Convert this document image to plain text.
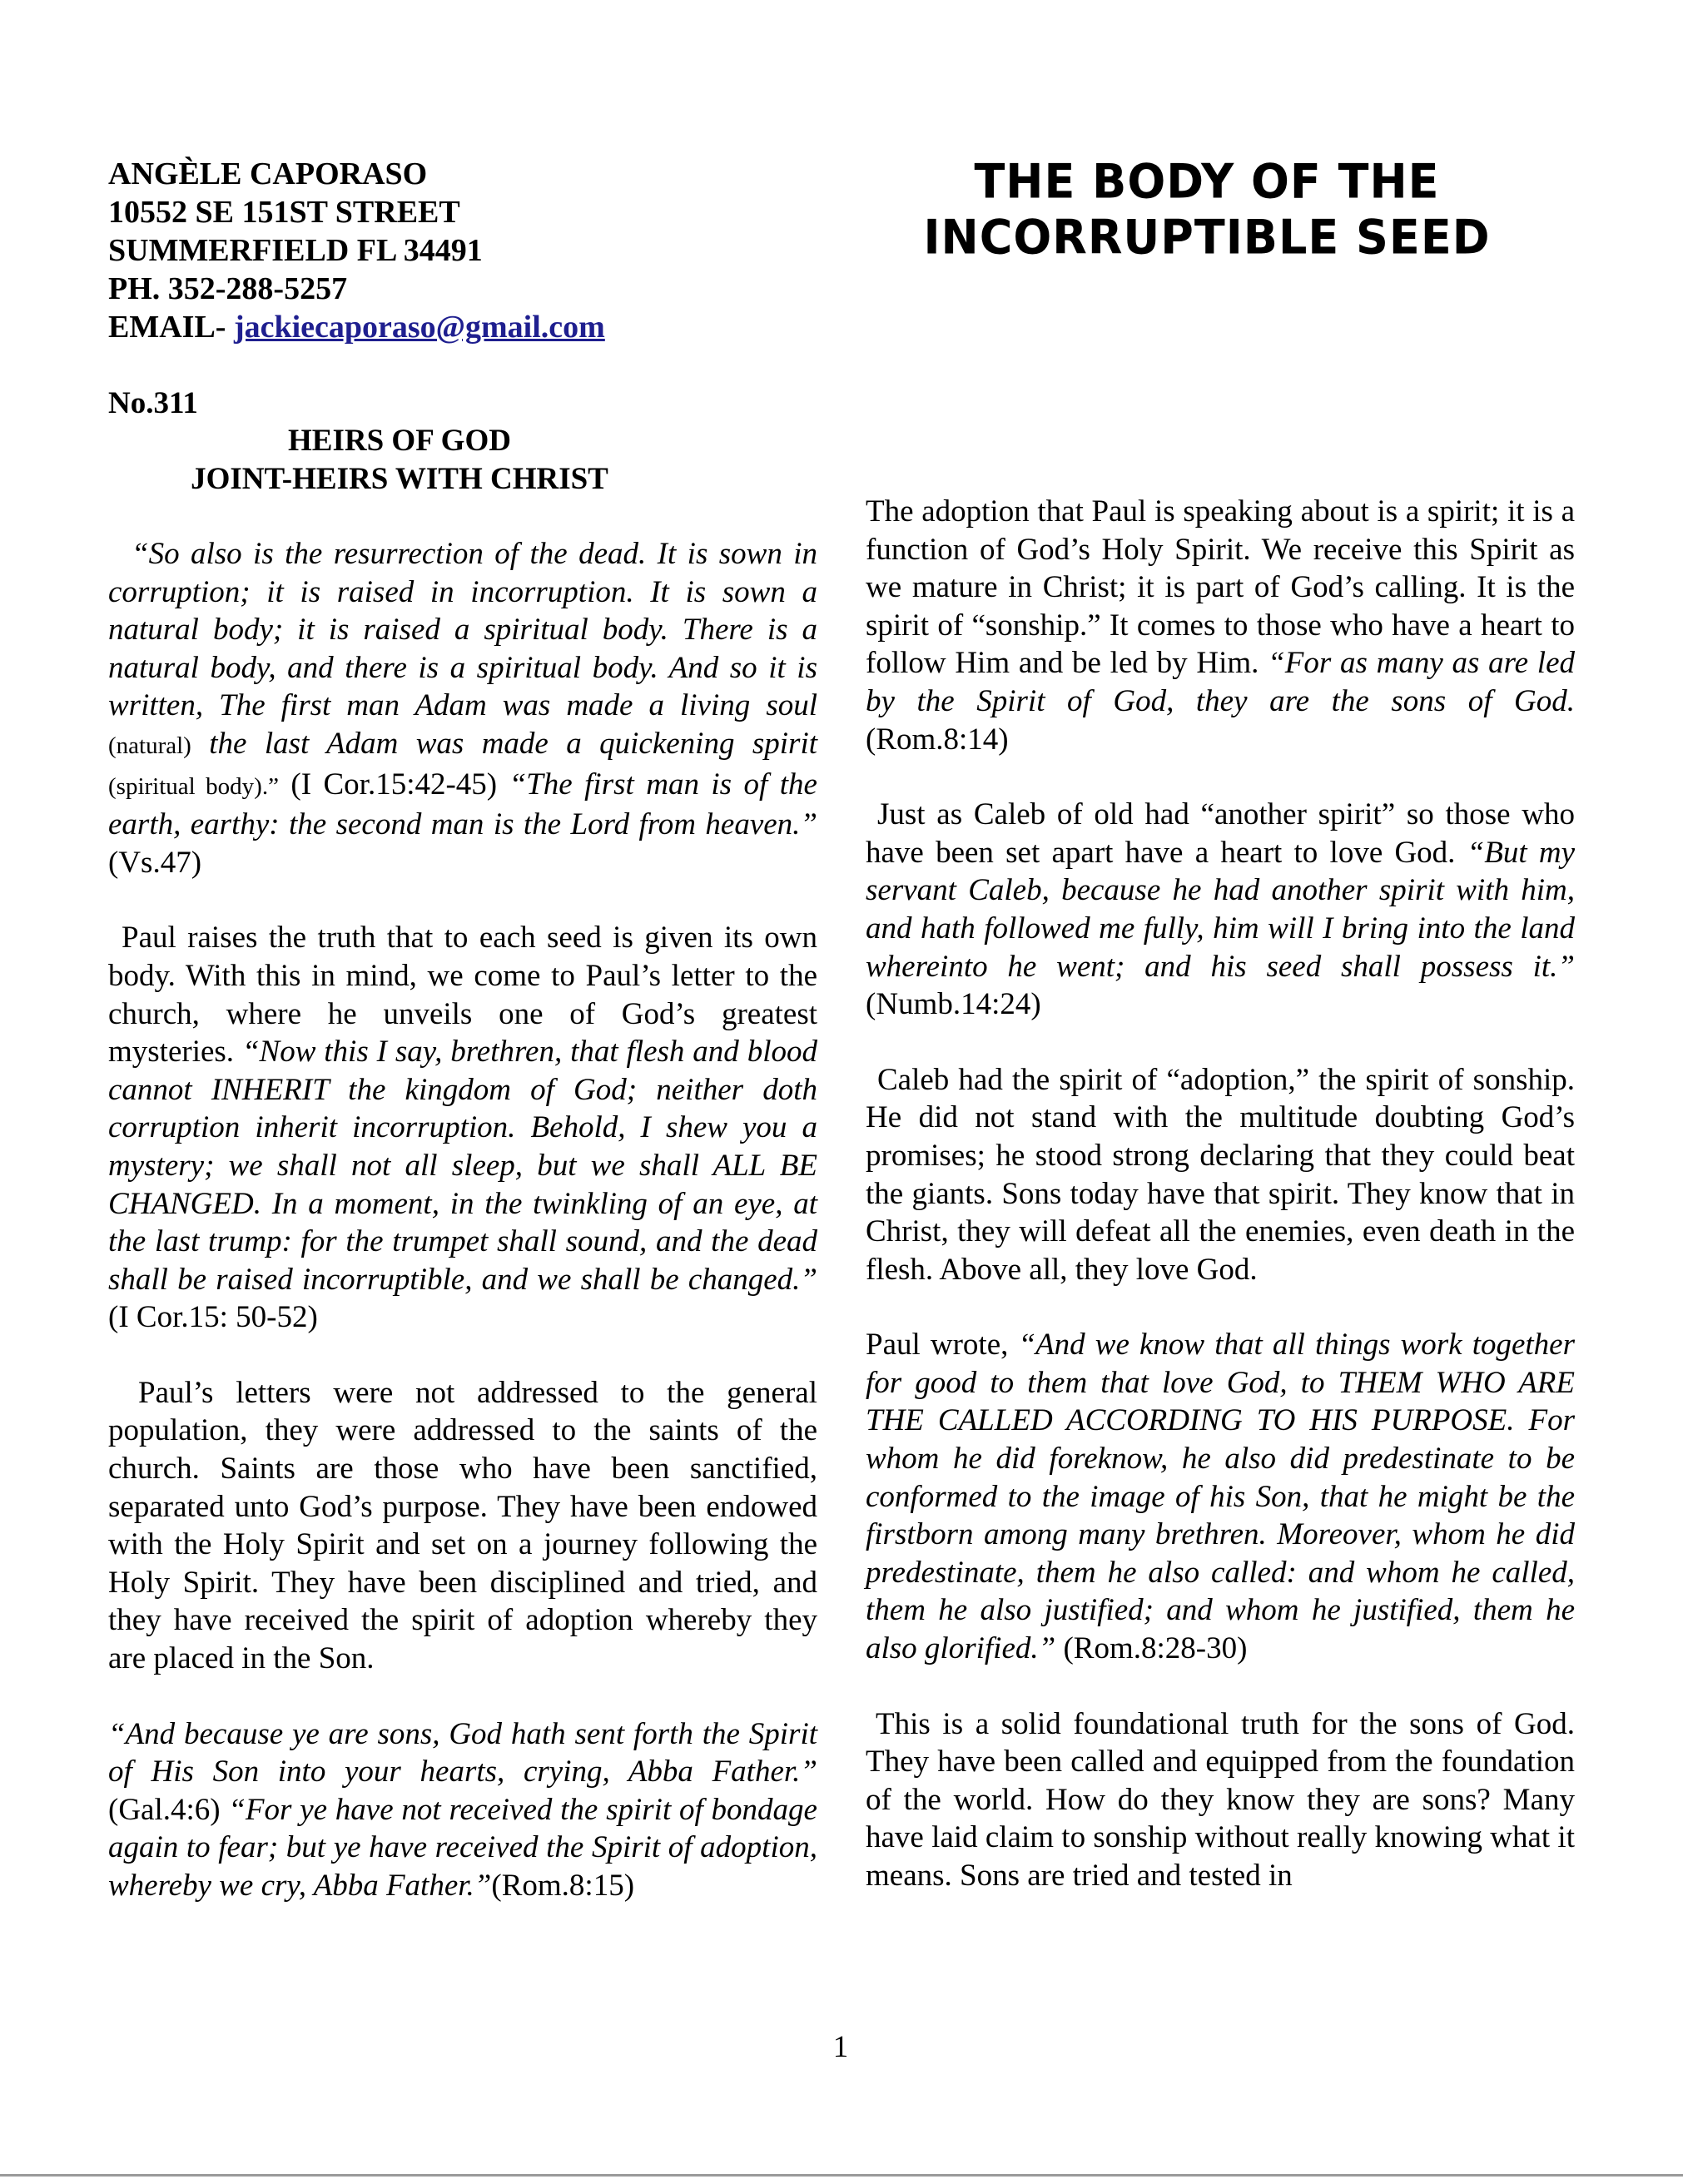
ANGÈLE CAPORASO
10552 SE 151ST STREET
SUMMERFIELD FL 34491
PH. 352-288-5257
EMAIL- jackiecaporaso@gmail.com
THE BODY OF THE
INCORRUPTIBLE SEED
No.311
HEIRS OF GOD
JOINT-HEIRS WITH CHRIST

“So also is the resurrection of the dead. It is sown in corruption; it is raised in incorruption. It is sown a natural body; it is raised a spiritual body. There is a natural body, and there is a spiritual body. And so it is written, The first man Adam was made a living soul (natural) the last Adam was made a quickening spirit (spiritual body).” (I Cor.15:42-45) “The first man is of the earth, earthy: the second man is the Lord from heaven.” (Vs.47)

Paul raises the truth that to each seed is given its own body. With this in mind, we come to Paul’s letter to the church, where he unveils one of God’s greatest mysteries. “Now this I say, brethren, that flesh and blood cannot INHERIT the kingdom of God; neither doth corruption inherit incorruption. Behold, I shew you a mystery; we shall not all sleep, but we shall ALL BE CHANGED. In a moment, in the twinkling of an eye, at the last trump: for the trumpet shall sound, and the dead shall be raised incorruptible, and we shall be changed.” (I Cor.15: 50-52)

Paul’s letters were not addressed to the general population, they were addressed to the saints of the church. Saints are those who have been sanctified, separated unto God’s purpose. They have been endowed with the Holy Spirit and set on a journey following the Holy Spirit. They have been disciplined and tried, and they have received the spirit of adoption whereby they are placed in the Son.

“And because ye are sons, God hath sent forth the Spirit of His Son into your hearts, crying, Abba Father.” (Gal.4:6) “For ye have not received the spirit of bondage again to fear; but ye have received the Spirit of adoption, whereby we cry, Abba Father.”(Rom.8:15)

The adoption that Paul is speaking about is a spirit; it is a function of God’s Holy Spirit. We receive this Spirit as we mature in Christ; it is part of God’s calling. It is the spirit of “sonship.” It comes to those who have a heart to follow Him and be led by Him. “For as many as are led by the Spirit of God, they are the sons of God. (Rom.8:14)

Just as Caleb of old had “another spirit” so those who have been set apart have a heart to love God. “But my servant Caleb, because he had another spirit with him, and hath followed me fully, him will I bring into the land whereinto he went; and his seed shall possess it.” (Numb.14:24)

Caleb had the spirit of “adoption,” the spirit of sonship. He did not stand with the multitude doubting God’s promises; he stood strong declaring that they could beat the giants. Sons today have that spirit. They know that in Christ, they will defeat all the enemies, even death in the flesh. Above all, they love God.

Paul wrote, “And we know that all things work together for good to them that love God, to THEM WHO ARE THE CALLED ACCORDING TO HIS PURPOSE. For whom he did foreknow, he also did predestinate to be conformed to the image of his Son, that he might be the firstborn among many brethren. Moreover, whom he did predestinate, them he also called: and whom he called, them he also justified; and whom he justified, them he also glorified.” (Rom.8:28-30)

This is a solid foundational truth for the sons of God. They have been called and equipped from the foundation of the world. How do they know they are sons? Many have laid claim to sonship without really knowing what it means. Sons are tried and tested in

1
